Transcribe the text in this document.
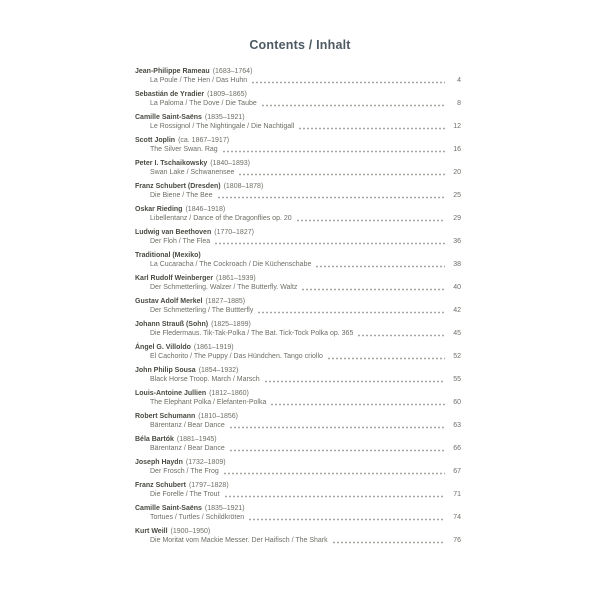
Contents / Inhalt
Jean-Philippe Rameau (1683–1764)
La Poule / The Hen / Das Huhn	4
Sebastián de Yradier (1809–1865)
La Paloma / The Dove / Die Taube	8
Camille Saint-Saëns (1835–1921)
Le Rossignol / The Nightingale / Die Nachtigall	12
Scott Joplin (ca. 1867–1917)
The Silver Swan. Rag	16
Peter I. Tschaikowsky (1840–1893)
Swan Lake / Schwanensee	20
Franz Schubert (Dresden) (1808–1878)
Die Biene / The Bee	25
Oskar Rieding (1846–1918)
Libellentanz / Dance of the Dragonflies op. 20	29
Ludwig van Beethoven (1770–1827)
Der Floh / The Flea	36
Traditional (Mexiko)
La Cucaracha / The Cockroach / Die Küchenschabe	38
Karl Rudolf Weinberger (1861–1939)
Der Schmetterling. Walzer / The Butterfly. Waltz	40
Gustav Adolf Merkel (1827–1885)
Der Schmetterling / The Buttterfly	42
Johann Strauß (Sohn) (1825–1899)
Die Fledermaus. Tik-Tak-Polka / The Bat. Tick-Tock Polka op. 365	45
Ángel G. Villoldo (1861–1919)
El Cachorito / The Puppy / Das Hündchen. Tango criollo	52
John Philip Sousa (1854–1932)
Black Horse Troop. March / Marsch	55
Louis-Antoine Jullien (1812–1860)
The Elephant Polka / Elefanten-Polka	60
Robert Schumann (1810–1856)
Bärentanz / Bear Dance	63
Béla Bartók (1881–1945)
Bärentanz / Bear Dance	66
Joseph Haydn (1732–1809)
Der Frosch / The Frog	67
Franz Schubert (1797–1828)
Die Forelle / The Trout	71
Camille Saint-Saëns (1835–1921)
Tortues / Turtles / Schildkröten	74
Kurt Weill (1900–1950)
Die Moritat vom Mackie Messer. Der Haifisch / The Shark	76
